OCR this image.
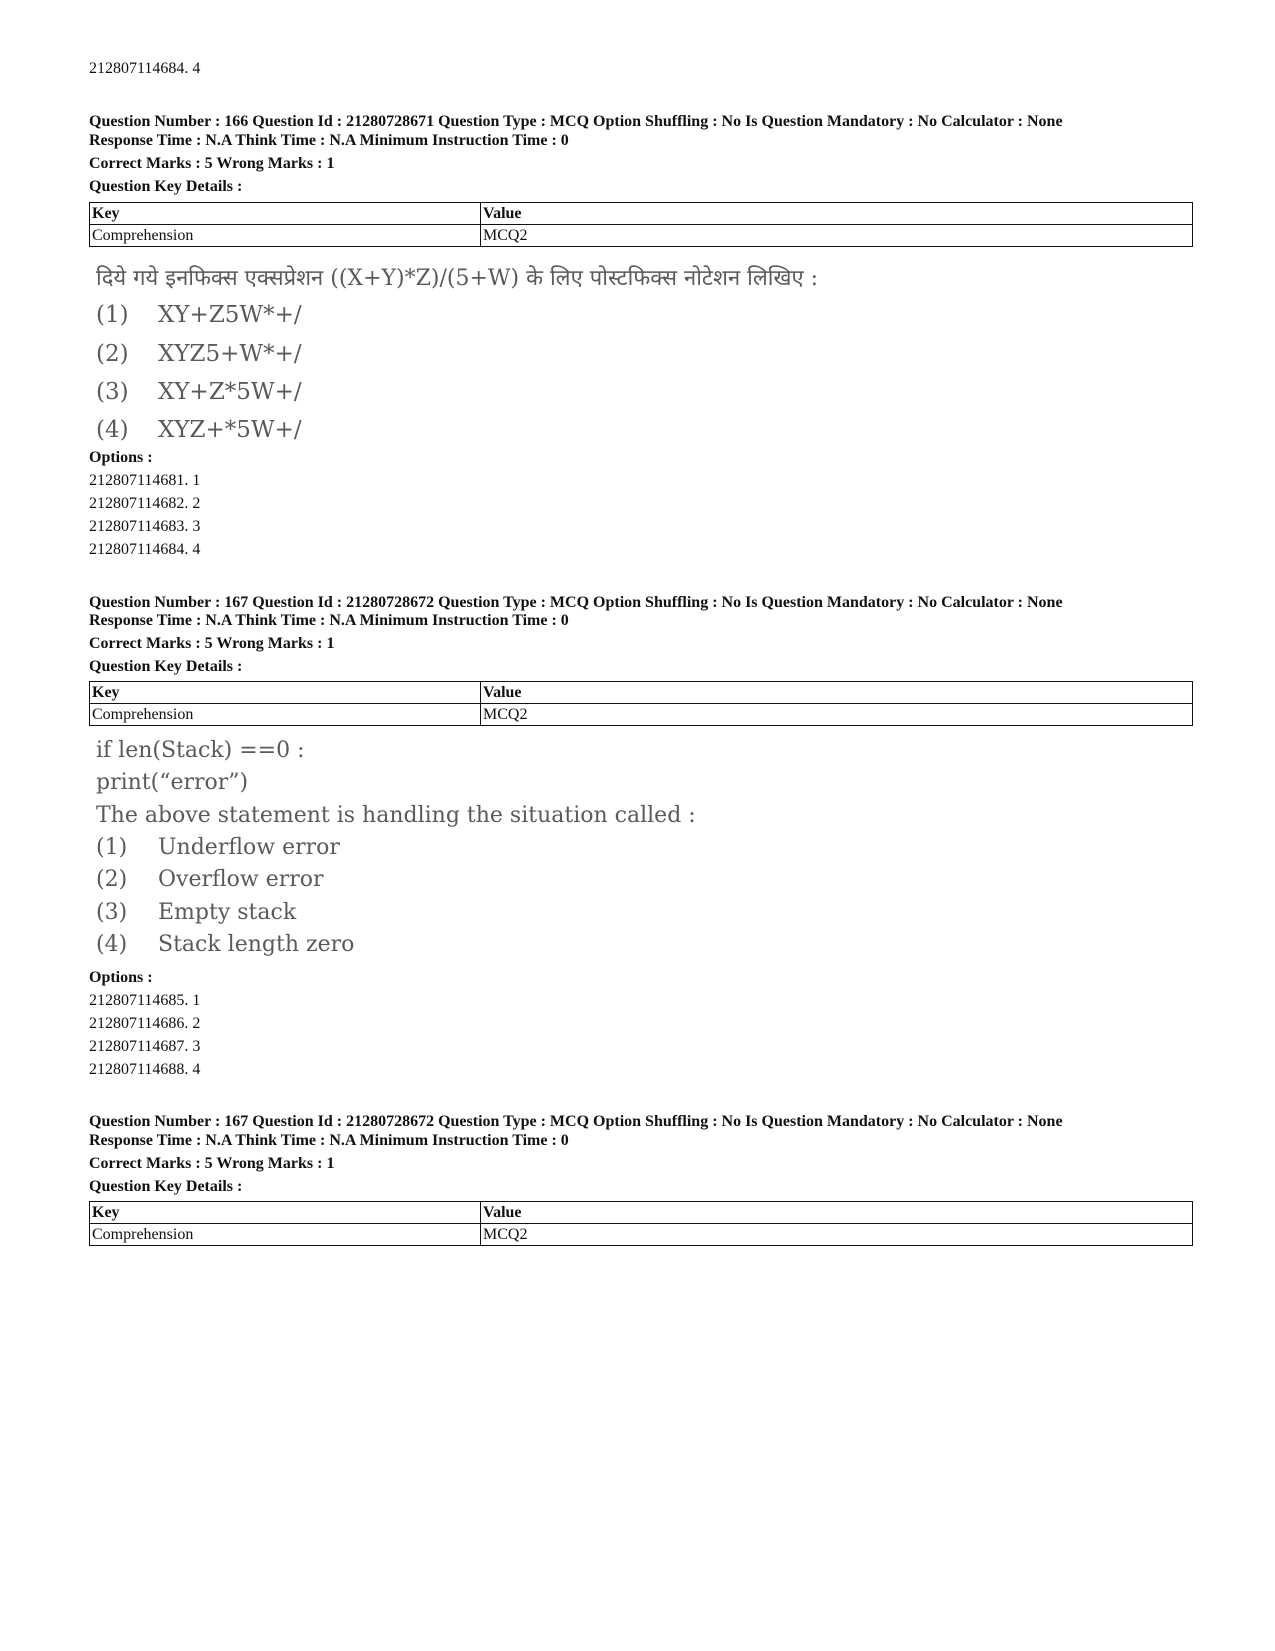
212807114684. 4
Question Number : 166 Question Id : 21280728671 Question Type : MCQ Option Shuffling : No Is Question Mandatory : No Calculator : None
Response Time : N.A Think Time : N.A Minimum Instruction Time : 0
Correct Marks : 5 Wrong Marks : 1
Question Key Details :
Key	Value
Comprehension	MCQ2
दिये गये इनफिक्स एक्सप्रेशन ((X+Y)*Z)/(5+W) के लिए पोस्टफिक्स नोटेशन लिखिए :
(1) XY+Z5W*+/
(2) XYZ5+W*+/
(3) XY+Z*5W+/
(4) XYZ+*5W+/
Options :
212807114681. 1
212807114682. 2
212807114683. 3
212807114684. 4
Question Number : 167 Question Id : 21280728672 Question Type : MCQ Option Shuffling : No Is Question Mandatory : No Calculator : None
Response Time : N.A Think Time : N.A Minimum Instruction Time : 0
Correct Marks : 5 Wrong Marks : 1
Question Key Details :
Key	Value
Comprehension	MCQ2
if len(Stack) ==0 :
print(“error”)
The above statement is handling the situation called :
(1) Underflow error
(2) Overflow error
(3) Empty stack
(4) Stack length zero
Options :
212807114685. 1
212807114686. 2
212807114687. 3
212807114688. 4
Question Number : 167 Question Id : 21280728672 Question Type : MCQ Option Shuffling : No Is Question Mandatory : No Calculator : None
Response Time : N.A Think Time : N.A Minimum Instruction Time : 0
Correct Marks : 5 Wrong Marks : 1
Question Key Details :
Key	Value
Comprehension	MCQ2
